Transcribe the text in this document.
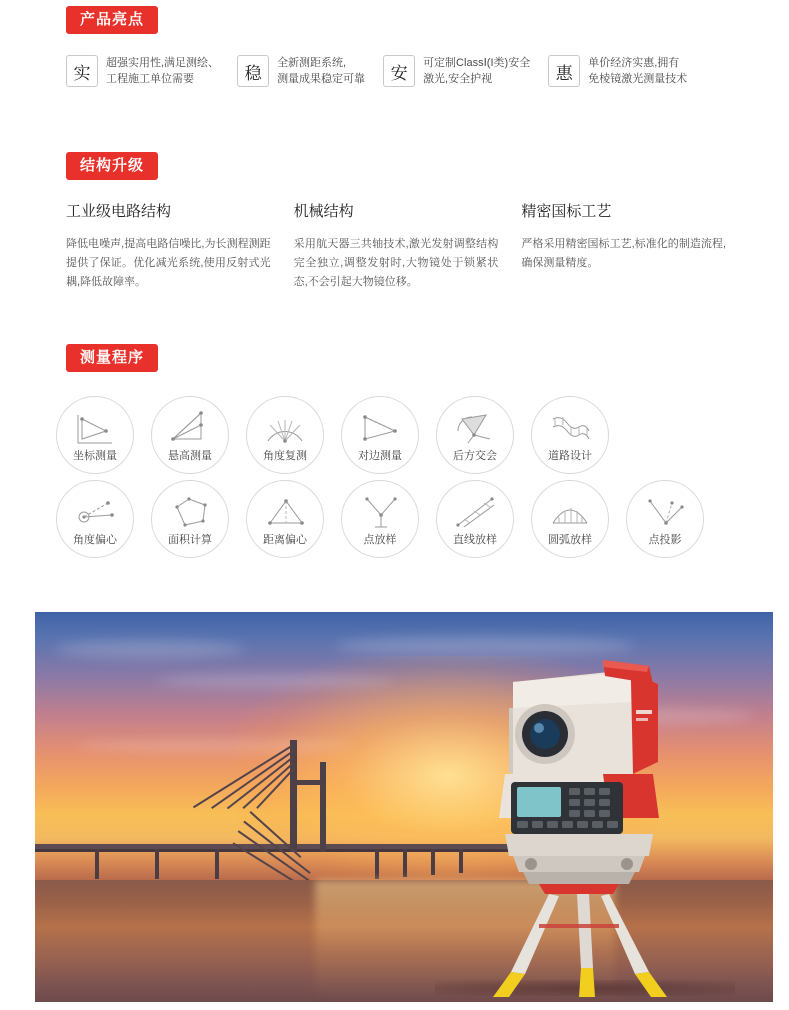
产品亮点
实
超强实用性,满足测绘、
工程施工单位需要	稳
全新测距系统,
测量成果稳定可靠	安
可定制ClassⅠ(I类)安全
激光,安全护视	惠
单价经济实惠,拥有
免棱镜激光测量技术
结构升级
工业级电路结构
降低电噪声,提高电路信噪比,为长测程测距提供了保证。优化减光系统,使用反射式光耦,降低故障率。
机械结构
采用航天器三共轴技术,激光发射调整结构完全独立,调整发射时,大物镜处于锁紧状态,不会引起大物镜位移。
精密国标工艺
严格采用精密国标工艺,标准化的制造流程,确保测量精度。
测量程序
坐标测量	悬高测量	角度复测	对边测量	后方交会	道路设计
角度偏心	面积计算	距离偏心	点放样	直线放样	圆弧放样	点投影
